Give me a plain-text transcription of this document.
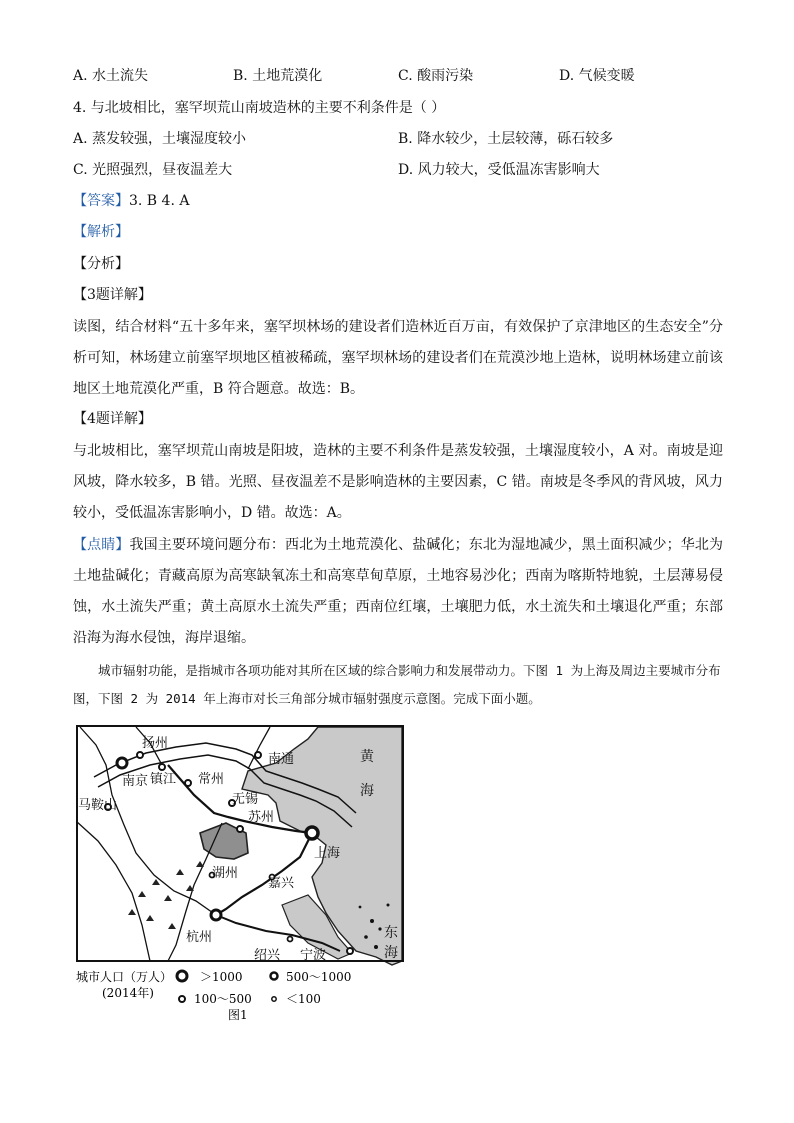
A. 水土流失	B. 土地荒漠化	C. 酸雨污染	D. 气候变暖
4. 与北坡相比，塞罕坝荒山南坡造林的主要不利条件是（ ）
A. 蒸发较强，土壤湿度较小	B. 降水较少，土层较薄，砾石较多
C. 光照强烈，昼夜温差大	D. 风力较大，受低温冻害影响大
【答案】3. B 4. A
【解析】
【分析】
【3题详解】
读图，结合材料“五十多年来，塞罕坝林场的建设者们造林近百万亩，有效保护了京津地区的生态安全”分析可知，林场建立前塞罕坝地区植被稀疏，塞罕坝林场的建设者们在荒漠沙地上造林，说明林场建立前该地区土地荒漠化严重，B 符合题意。故选：B。
【4题详解】
与北坡相比，塞罕坝荒山南坡是阳坡，造林的主要不利条件是蒸发较强，土壤湿度较小，A 对。南坡是迎风坡，降水较多，B 错。光照、昼夜温差不是影响造林的主要因素，C 错。南坡是冬季风的背风坡，风力较小，受低温冻害影响小，D 错。故选：A。
【点睛】我国主要环境问题分布：西北为土地荒漠化、盐碱化；东北为湿地减少，黑土面积减少；华北为土地盐碱化；青藏高原为高寒缺氧冻土和高寒草甸草原，土地容易沙化；西南为喀斯特地貌，土层薄易侵蚀，水土流失严重；黄土高原水土流失严重；西南位红壤，土壤肥力低，水土流失和土壤退化严重；东部沿海为海水侵蚀，海岸退缩。
城市辐射功能，是指城市各项功能对其所在区域的综合影响力和发展带动力。下图 1 为上海及周边主要城市分布图，下图 2 为 2014 年上海市对长三角部分城市辐射强度示意图。完成下面小题。
扬州
南京 镇江 常州
南通
马鞍山	无锡
苏州
上海
湖州
嘉兴
杭州
绍兴 宁波
黄
海
东
海
城市人口（万人）
(2014年)
＞1000	500～1000
100～500	＜100
图1
